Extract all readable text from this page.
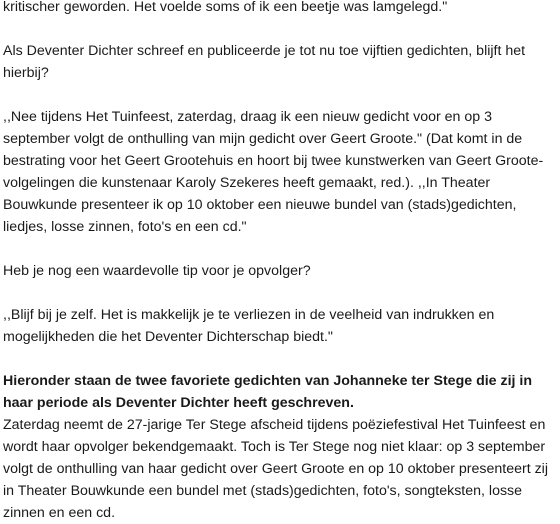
kritischer geworden. Het voelde soms of ik een beetje was lamgelegd."

Als Deventer Dichter schreef en publiceerde je tot nu toe vijftien gedichten, blijft het hierbij?

,,Nee tijdens Het Tuinfeest, zaterdag, draag ik een nieuw gedicht voor en op 3 september volgt de onthulling van mijn gedicht over Geert Groote." (Dat komt in de bestrating voor het Geert Grootehuis en hoort bij twee kunstwerken van Geert Groote-volgelingen die kunstenaar Karoly Szekeres heeft gemaakt, red.). ,,In Theater Bouwkunde presenteer ik op 10 oktober een nieuwe bundel van (stads)gedichten, liedjes, losse zinnen, foto's en een cd."

Heb je nog een waardevolle tip voor je opvolger?

,,Blijf bij je zelf. Het is makkelijk je te verliezen in de veelheid van indrukken en mogelijkheden die het Deventer Dichterschap biedt."

Hieronder staan de twee favoriete gedichten van Johanneke ter Stege die zij in haar periode als Deventer Dichter heeft geschreven.
Zaterdag neemt de 27-jarige Ter Stege afscheid tijdens poëziefestival Het Tuinfeest en wordt haar opvolger bekendgemaakt. Toch is Ter Stege nog niet klaar: op 3 september volgt de onthulling van haar gedicht over Geert Groote en op 10 oktober presenteert zij in Theater Bouwkunde een bundel met (stads)gedichten, foto's, songteksten, losse zinnen en een cd.
